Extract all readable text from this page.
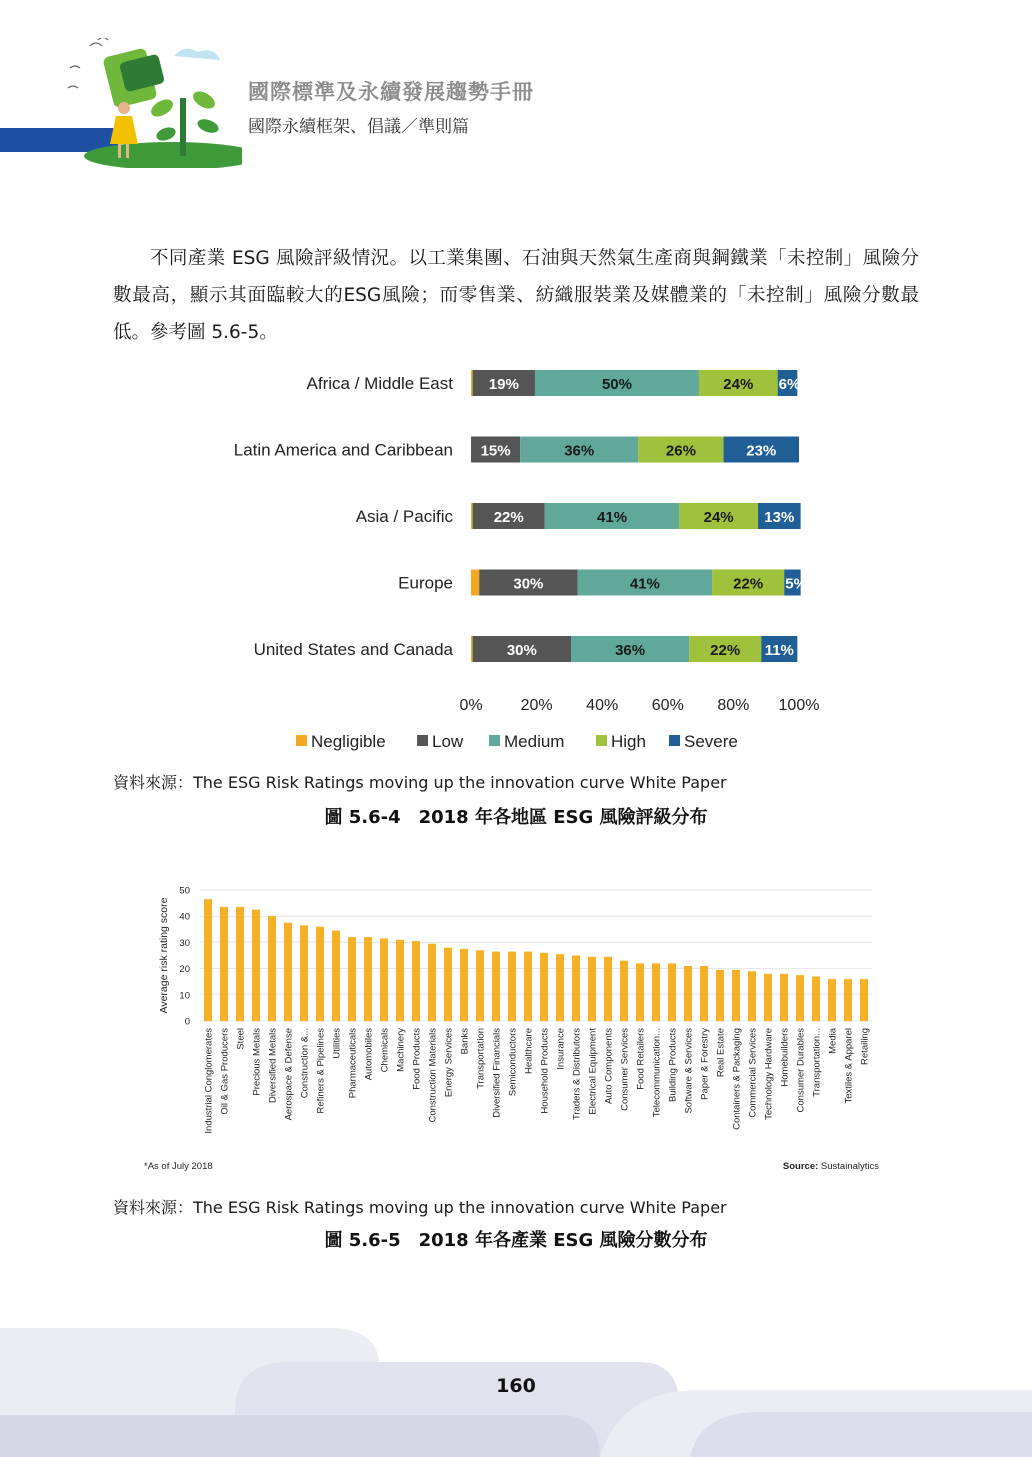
國際標準及永續發展趨勢手冊
國際永續框架、倡議／準則篇

不同產業 ESG 風險評級情況。以工業集團、石油與天然氣生產商與鋼鐵業「未控制」風險分數最高，顯示其面臨較大的ESG風險；而零售業、紡織服裝業及媒體業的「未控制」風險分數最低。參考圖 5.6-5。

Africa / Middle East 19%	50%	24% 6%
Latin America and Caribbean 15%	36%	26%	23%
Asia / Pacific	22%	41%	24% 13%
Europe	30%	41%	22% 5%
United States and Canada	30%	36%	22% 11%
0% 20% 40% 60% 80% 100%
Negligible	Low Medium	High Severe
資料來源：The ESG Risk Ratings moving up the innovation curve White Paper
圖 5.6-4　2018 年各地區 ESG 風險評級分布
0
10
20
30
40
50
Average risk rating score
Industrial Conglomerates Oil & Gas Producers Steel Precious Metals Diversified Metals Aerospace & Defense Construction &... Refiners & Pipelines Utilities Pharmaceuticals Automobiles Chemicals Machinery Food Products Construction Materials Energy Services Banks Transportation Diversified Financials Semiconductors Healthcare Household Products Insurance Traders & Distributors Electrical Equipment Auto Components Consumer Services Food Retailers Telecommunication... Building Products Software & Services Paper & Forestry Real Estate Containers & Packaging Commercial Services Technology Hardware Homebuilders Consumer Durables Transportation... Media Textiles & Apparel Retailing
*As of July 2018	Source: Sustainalytics
資料來源：The ESG Risk Ratings moving up the innovation curve White Paper
圖 5.6-5　2018 年各產業 ESG 風險分數分布
160
